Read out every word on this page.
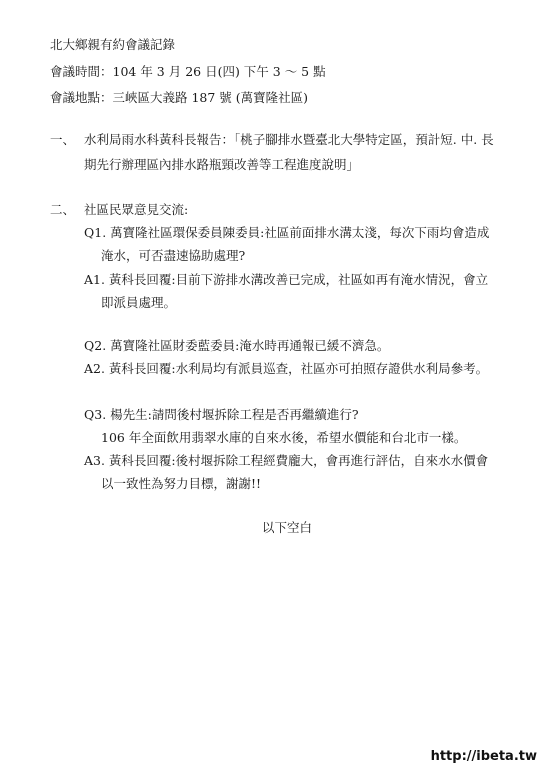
北大鄉親有約會議記錄
會議時間：104 年 3 月 26 日(四) 下午 3 ～ 5 點
會議地點：三峽區大義路 187 號 (萬寶隆社區)
一、 水利局雨水科黃科長報告：「桃子腳排水暨臺北大學特定區，預計短. 中. 長
期先行辦理區內排水路瓶頸改善等工程進度說明」
二、 社區民眾意見交流:
Q1. 萬寶隆社區環保委員陳委員:社區前面排水溝太淺，每次下雨均會造成
淹水，可否盡速協助處理?
A1. 黃科長回覆:目前下游排水溝改善已完成，社區如再有淹水情況，會立
即派員處理。
Q2. 萬寶隆社區財委藍委員:淹水時再通報已緩不濟急。
A2. 黃科長回覆:水利局均有派員巡查，社區亦可拍照存證供水利局參考。
Q3. 楊先生:請問後村堰拆除工程是否再繼續進行?
106 年全面飲用翡翠水庫的自來水後，希望水價能和台北市一樣。
A3. 黃科長回覆:後村堰拆除工程經費龐大，會再進行評估，自來水水價會
以一致性為努力目標，謝謝!!
以下空白
http://ibeta.tw
